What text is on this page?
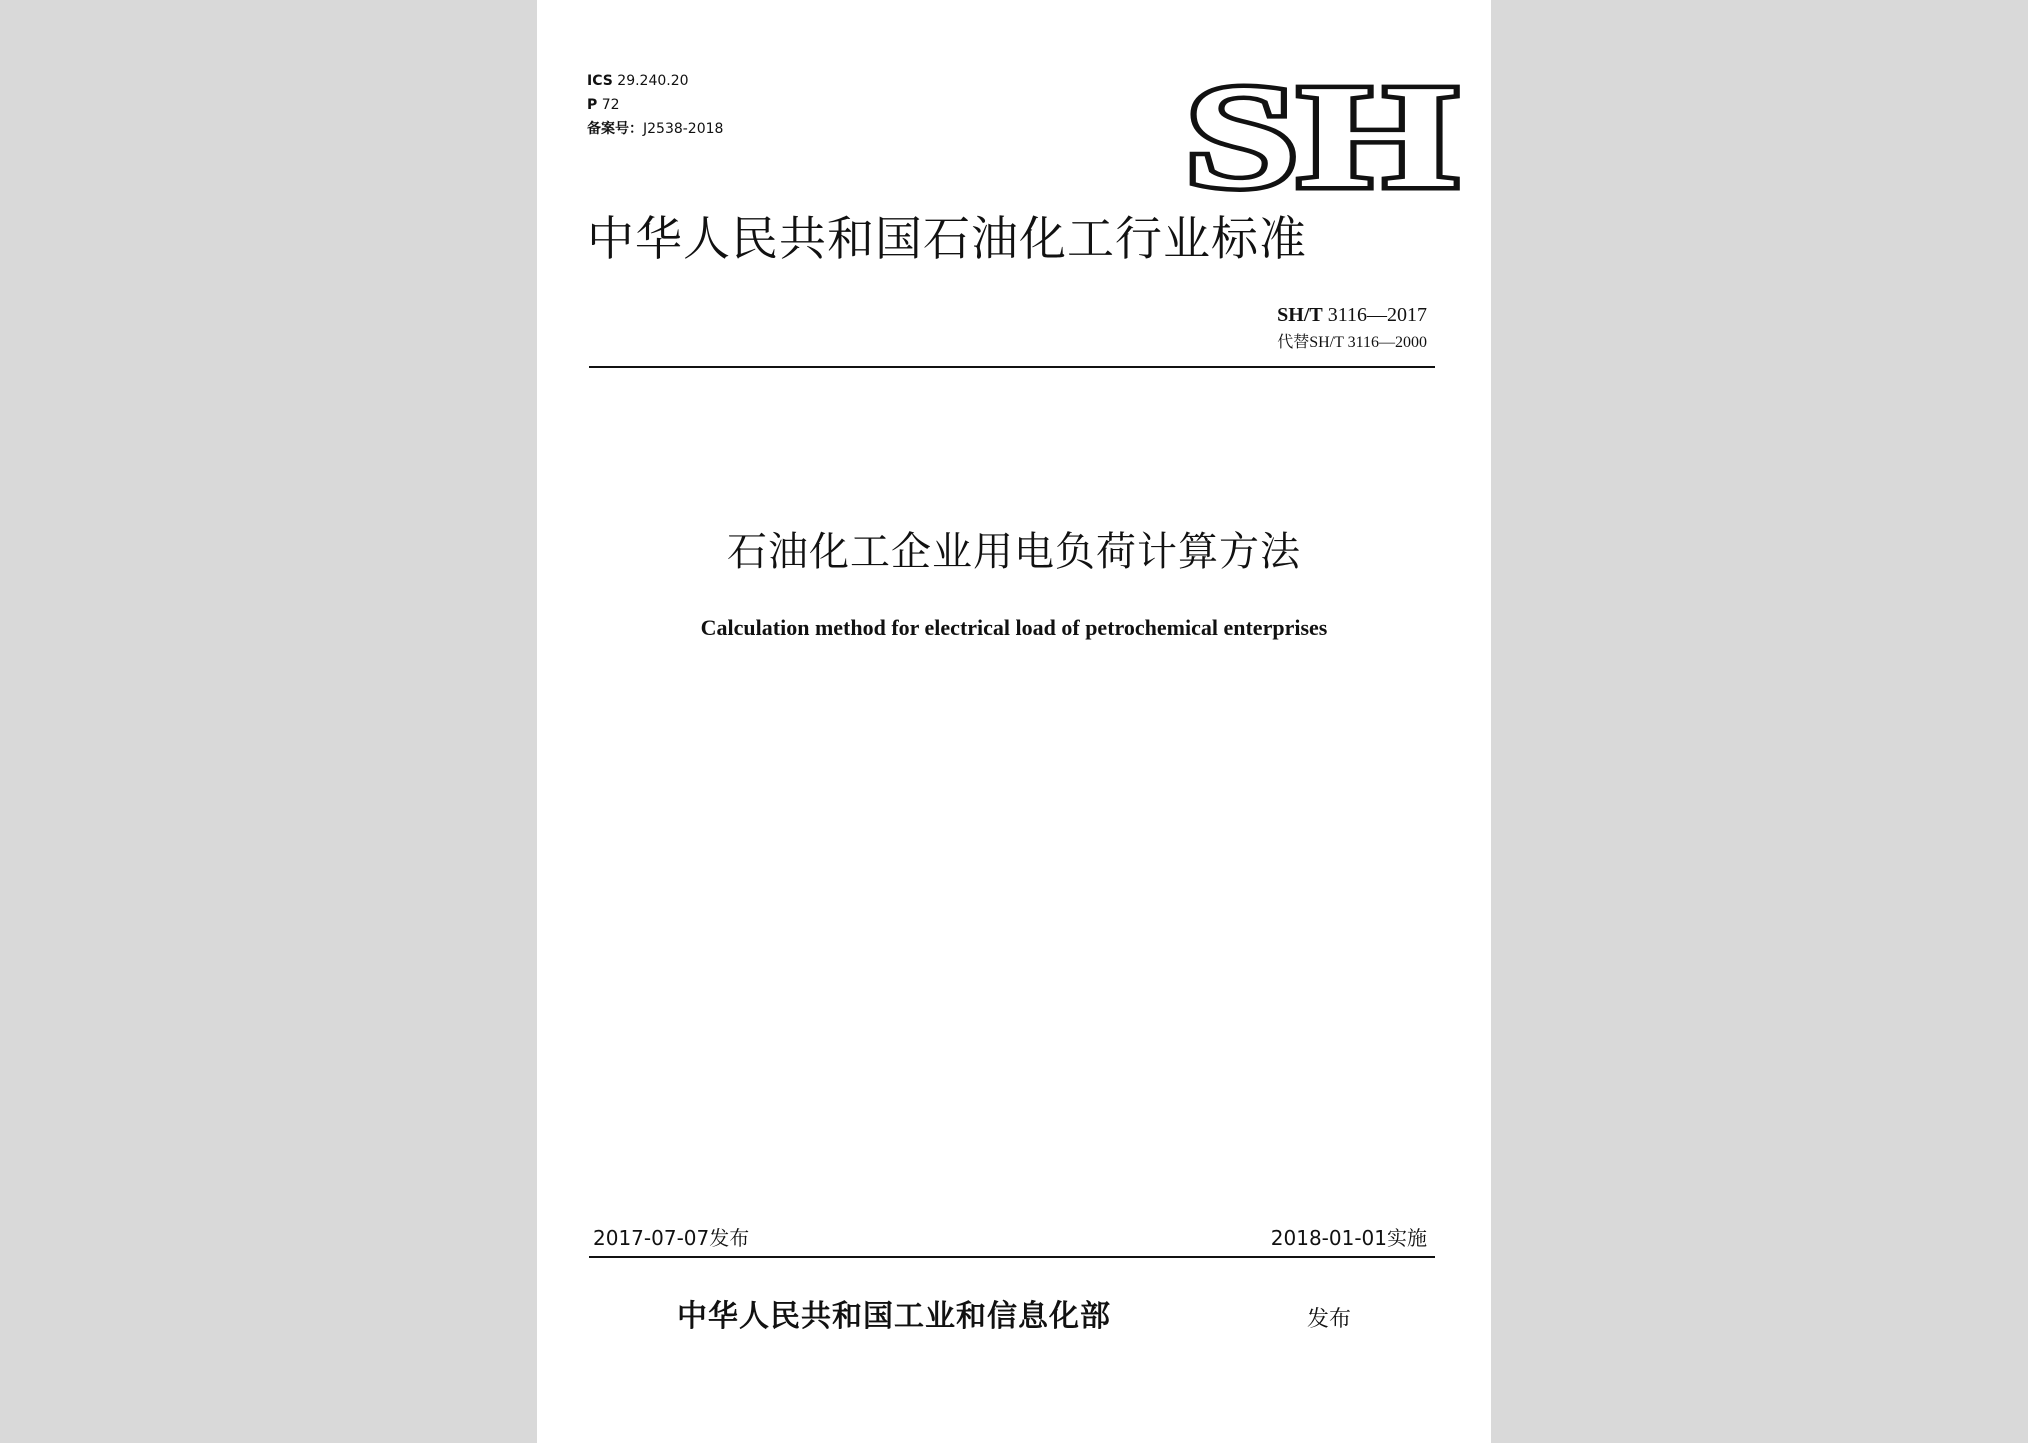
ICS 29.240.20
P 72
备案号：J2538-2018	SH
中华人民共和国石油化工行业标准
SH/T 3116—2017
代替SH/T 3116—2000
石油化工企业用电负荷计算方法
Calculation method for electrical load of petrochemical enterprises
2017-07-07发布	2018-01-01实施
中华人民共和国工业和信息化部	发布
